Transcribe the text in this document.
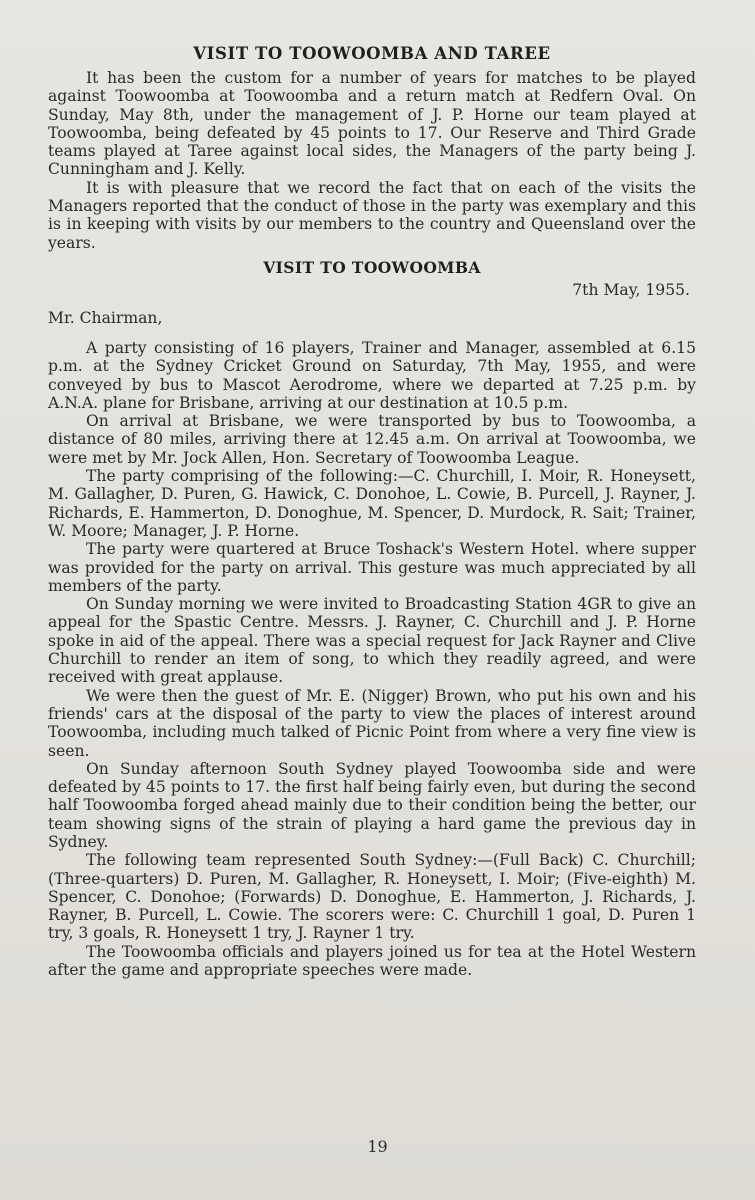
VISIT TO TOOWOOMBA AND TAREE

It has been the custom for a number of years for matches to be played against Toowoomba at Toowoomba and a return match at Redfern Oval. On Sunday, May 8th, under the management of J. P. Horne our team played at Toowoomba, being defeated by 45 points to 17. Our Reserve and Third Grade teams played at Taree against local sides, the Managers of the party being J. Cunningham and J. Kelly.

It is with pleasure that we record the fact that on each of the visits the Managers reported that the conduct of those in the party was exemplary and this is in keeping with visits by our members to the country and Queensland over the years.

VISIT TO TOOWOOMBA
7th May, 1955.
Mr. Chairman,

A party consisting of 16 players, Trainer and Manager, assembled at 6.15 p.m. at the Sydney Cricket Ground on Saturday, 7th May, 1955, and were conveyed by bus to Mascot Aerodrome, where we departed at 7.25 p.m. by A.N.A. plane for Brisbane, arriving at our destination at 10.5 p.m.

On arrival at Brisbane, we were transported by bus to Toowoomba, a distance of 80 miles, arriving there at 12.45 a.m. On arrival at Toowoomba, we were met by Mr. Jock Allen, Hon. Secretary of Toowoomba League.

The party comprising of the following:—C. Churchill, I. Moir, R. Honeysett, M. Gallagher, D. Puren, G. Hawick, C. Donohoe, L. Cowie, B. Purcell, J. Rayner, J. Richards, E. Hammerton, D. Donoghue, M. Spencer, D. Murdock, R. Sait; Trainer, W. Moore; Manager, J. P. Horne.

The party were quartered at Bruce Toshack's Western Hotel. where supper was provided for the party on arrival. This gesture was much appreciated by all members of the party.

On Sunday morning we were invited to Broadcasting Station 4GR to give an appeal for the Spastic Centre. Messrs. J. Rayner, C. Churchill and J. P. Horne spoke in aid of the appeal. There was a special request for Jack Rayner and Clive Churchill to render an item of song, to which they readily agreed, and were received with great applause.

We were then the guest of Mr. E. (Nigger) Brown, who put his own and his friends' cars at the disposal of the party to view the places of interest around Toowoomba, including much talked of Picnic Point from where a very fine view is seen.

On Sunday afternoon South Sydney played Toowoomba side and were defeated by 45 points to 17. the first half being fairly even, but during the second half Toowoomba forged ahead mainly due to their condition being the better, our team showing signs of the strain of playing a hard game the previous day in Sydney.

The following team represented South Sydney:—(Full Back) C. Churchill; (Three-quarters) D. Puren, M. Gallagher, R. Honeysett, I. Moir; (Five-eighth) M. Spencer, C. Donohoe; (Forwards) D. Donoghue, E. Hammerton, J. Richards, J. Rayner, B. Purcell, L. Cowie. The scorers were: C. Churchill 1 goal, D. Puren 1 try, 3 goals, R. Honeysett 1 try, J. Rayner 1 try.

The Toowoomba officials and players joined us for tea at the Hotel Western after the game and appropriate speeches were made.

19
